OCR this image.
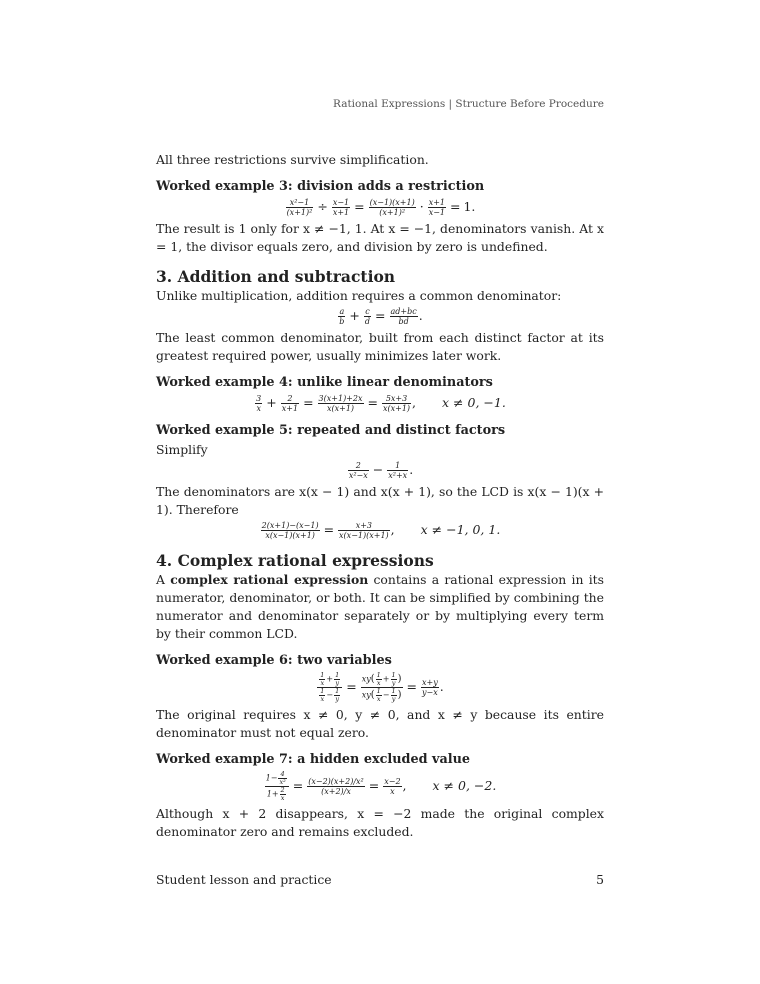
Rational Expressions | Structure Before Procedure

All three restrictions survive simplification.

Worked example 3: division adds a restriction
$\frac{\text{x²−1}}{\text{(x+1)²}} \div \frac{x-1}{x+1} = \frac{(x-1)(x+1)}{\text{(x+1)²}} \cdot \frac{x+1}{x-1} = 1$.

The result is 1 only for x ≠ −1, 1. At x = −1, denominators vanish. At x = 1, the divisor equals zero, and division by zero is undefined.

3. Addition and subtraction

Unlike multiplication, addition requires a common denominator:

$\frac{a}{b} + \frac{c}{d} = \frac{ad+bc}{bd}$ .

The least common denominator, built from each distinct factor at its greatest required power, usually minimizes later work.

Worked example 4: unlike linear denominators
$\frac{3}{x} + \frac{2}{x+1} = \frac{3(x+1)+2x}{x(x+1)} = \frac{5x+3}{x(x+1)}$ , x ≠ 0, −1.
Worked example 5: repeated and distinct factors

Simplify

$\frac{2}{\text{x²−x}} - \frac{1}{\text{x²+x}}$ .

The denominators are x(x − 1) and x(x + 1), so the LCD is x(x − 1)(x + 1). Therefore

$\frac{2(x+1)-(x-1)}{x(x-1)(x+1)} = \frac{x+3}{x(x-1)(x+1)}$ , x ≠ −1, 0, 1.
4. Complex rational expressions

A complex rational expression contains a rational expression in its numerator, denominator, or both. It can be simplified by combining the numerator and denominator separately or by multiplying every term by their common LCD.

Worked example 6: two variables
$\frac{\frac{1}{x} + \frac{1}{y}}{\frac{1}{x} - \frac{1}{y}} = \frac{xy( \frac{1}{x} + \frac{1}{y} )}{xy( \frac{1}{x} - \frac{1}{y} )} = \frac{x+y}{y-x}$ .

The original requires x ≠ 0, y ≠ 0, and x ≠ y because its entire denominator must not equal zero.

Worked example 7: a hidden excluded value
$\frac{1- \frac{4}{\text{x²}}}{1+ \frac{2}{x}} = \frac{\text{(x−2)(x+2)/x²}}{(x+2)/x} = \frac{x-2}{x}$ , x ≠ 0, −2.

Although x + 2 disappears, x = −2 made the original complex denominator zero and remains excluded.

Student lesson and practice	5
